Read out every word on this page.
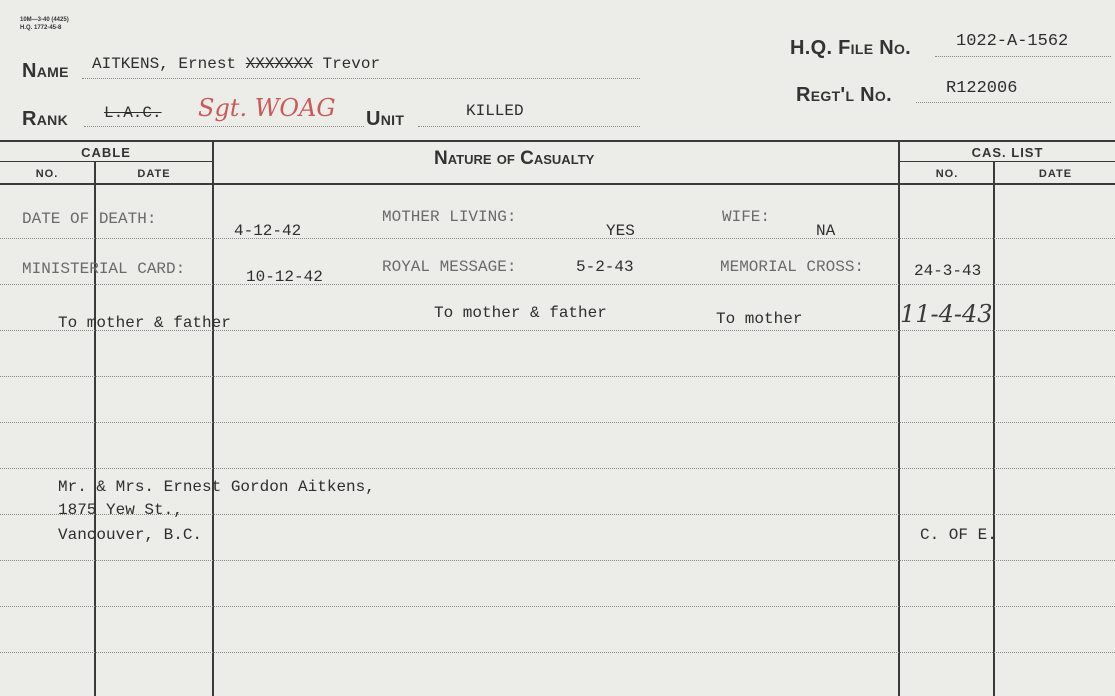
10M—3-40 (4425)
H.Q. 1772-45-8
Name AITKENS, Ernest XXXXXXX Trevor
H.Q. File No.	1022-A-1562
Rank L.A.C. Sgt. WOAG Unit	KILLED
Regt'l No.	R122006
CABLE
NO.	DATE
Nature of Casualty	CAS. LIST
NO.	DATE
DATE OF DEATH:
4-12-42
MOTHER LIVING:
YES
WIFE:
NA
MINISTERIAL CARD:	10-12-42
ROYAL MESSAGE:	5-2-43	MEMORIAL CROSS:	24-3-43
To mother & father
To mother & father	To mother	11-4-43
Mr. & Mrs. Ernest Gordon Aitkens,
1875 Yew St.,
Vancouver, B.C.	C. OF E.
